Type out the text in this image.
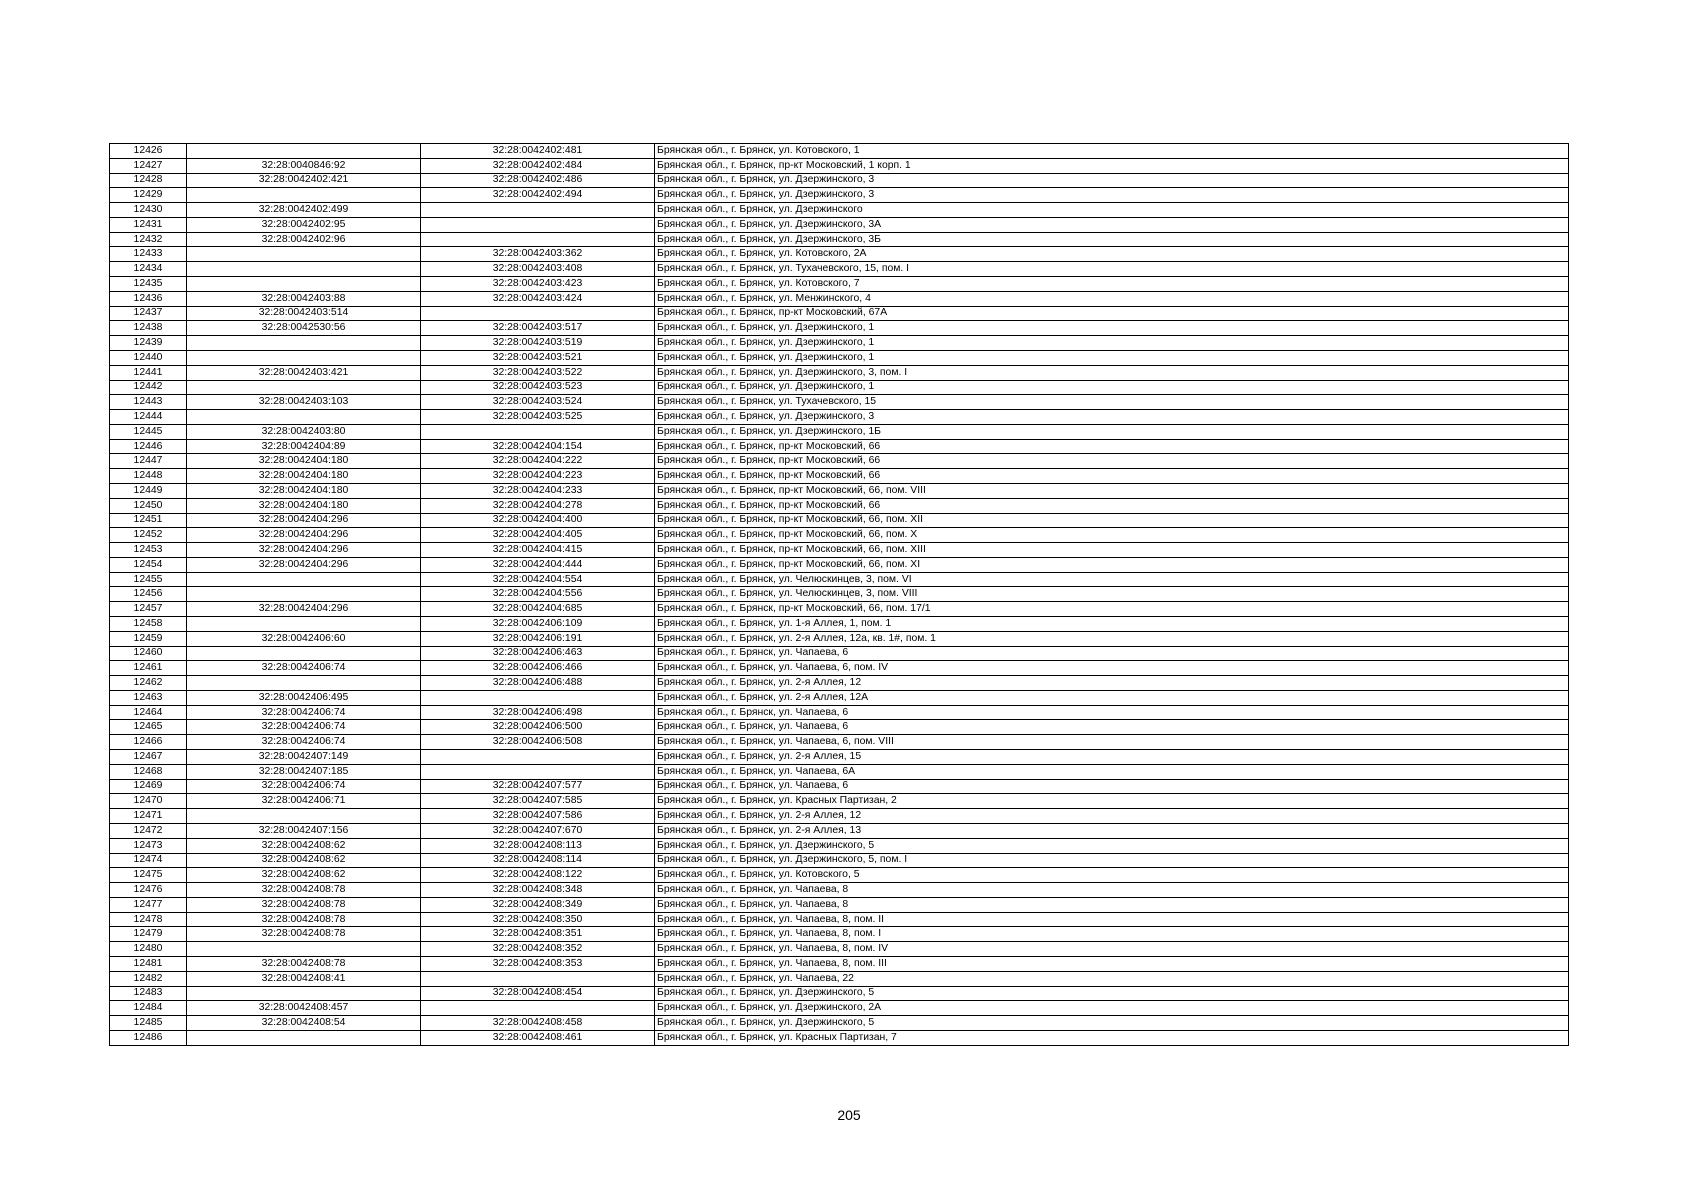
12426		32:28:0042402:481	Брянская обл., г. Брянск, ул. Котовского, 1
12427	32:28:0040846:92	32:28:0042402:484	Брянская обл., г. Брянск, пр-кт Московский, 1 корп. 1
12428	32:28:0042402:421	32:28:0042402:486	Брянская обл., г. Брянск, ул. Дзержинского, 3
12429		32:28:0042402:494	Брянская обл., г. Брянск, ул. Дзержинского, 3
12430	32:28:0042402:499		Брянская обл., г. Брянск, ул. Дзержинского
12431	32:28:0042402:95		Брянская обл., г. Брянск, ул. Дзержинского, 3А
12432	32:28:0042402:96		Брянская обл., г. Брянск, ул. Дзержинского, 3Б
12433		32:28:0042403:362	Брянская обл., г. Брянск, ул. Котовского, 2А
12434		32:28:0042403:408	Брянская обл., г. Брянск, ул. Тухачевского, 15, пом. I
12435		32:28:0042403:423	Брянская обл., г. Брянск, ул. Котовского, 7
12436	32:28:0042403:88	32:28:0042403:424	Брянская обл., г. Брянск, ул. Менжинского, 4
12437	32:28:0042403:514		Брянская обл., г. Брянск, пр-кт Московский, 67А
12438	32:28:0042530:56	32:28:0042403:517	Брянская обл., г. Брянск, ул. Дзержинского, 1
12439		32:28:0042403:519	Брянская обл., г. Брянск, ул. Дзержинского, 1
12440		32:28:0042403:521	Брянская обл., г. Брянск, ул. Дзержинского, 1
12441	32:28:0042403:421	32:28:0042403:522	Брянская обл., г. Брянск, ул. Дзержинского, 3, пом. I
12442		32:28:0042403:523	Брянская обл., г. Брянск, ул. Дзержинского, 1
12443	32:28:0042403:103	32:28:0042403:524	Брянская обл., г. Брянск, ул. Тухачевского, 15
12444		32:28:0042403:525	Брянская обл., г. Брянск, ул. Дзержинского, 3
12445	32:28:0042403:80		Брянская обл., г. Брянск, ул. Дзержинского, 1Б
12446	32:28:0042404:89	32:28:0042404:154	Брянская обл., г. Брянск, пр-кт Московский, 66
12447	32:28:0042404:180	32:28:0042404:222	Брянская обл., г. Брянск, пр-кт Московский, 66
12448	32:28:0042404:180	32:28:0042404:223	Брянская обл., г. Брянск, пр-кт Московский, 66
12449	32:28:0042404:180	32:28:0042404:233	Брянская обл., г. Брянск, пр-кт Московский, 66, пом. VIII
12450	32:28:0042404:180	32:28:0042404:278	Брянская обл., г. Брянск, пр-кт Московский, 66
12451	32:28:0042404:296	32:28:0042404:400	Брянская обл., г. Брянск, пр-кт Московский, 66, пом. XII
12452	32:28:0042404:296	32:28:0042404:405	Брянская обл., г. Брянск, пр-кт Московский, 66, пом. X
12453	32:28:0042404:296	32:28:0042404:415	Брянская обл., г. Брянск, пр-кт Московский, 66, пом. XIII
12454	32:28:0042404:296	32:28:0042404:444	Брянская обл., г. Брянск, пр-кт Московский, 66, пом. XI
12455		32:28:0042404:554	Брянская обл., г. Брянск, ул. Челюскинцев, 3, пом. VI
12456		32:28:0042404:556	Брянская обл., г. Брянск, ул. Челюскинцев, 3, пом. VIII
12457	32:28:0042404:296	32:28:0042404:685	Брянская обл., г. Брянск, пр-кт Московский, 66, пом. 17/1
12458		32:28:0042406:109	Брянская обл., г. Брянск, ул. 1-я Аллея, 1, пом. 1
12459	32:28:0042406:60	32:28:0042406:191	Брянская обл., г. Брянск, ул. 2-я Аллея, 12а, кв. 1#, пом. 1
12460		32:28:0042406:463	Брянская обл., г. Брянск, ул. Чапаева, 6
12461	32:28:0042406:74	32:28:0042406:466	Брянская обл., г. Брянск, ул. Чапаева, 6, пом. IV
12462		32:28:0042406:488	Брянская обл., г. Брянск, ул. 2-я Аллея, 12
12463	32:28:0042406:495		Брянская обл., г. Брянск, ул. 2-я Аллея, 12А
12464	32:28:0042406:74	32:28:0042406:498	Брянская обл., г. Брянск, ул. Чапаева, 6
12465	32:28:0042406:74	32:28:0042406:500	Брянская обл., г. Брянск, ул. Чапаева, 6
12466	32:28:0042406:74	32:28:0042406:508	Брянская обл., г. Брянск, ул. Чапаева, 6, пом. VIII
12467	32:28:0042407:149		Брянская обл., г. Брянск, ул. 2-я Аллея, 15
12468	32:28:0042407:185		Брянская обл., г. Брянск, ул. Чапаева, 6А
12469	32:28:0042406:74	32:28:0042407:577	Брянская обл., г. Брянск, ул. Чапаева, 6
12470	32:28:0042406:71	32:28:0042407:585	Брянская обл., г. Брянск, ул. Красных Партизан, 2
12471		32:28:0042407:586	Брянская обл., г. Брянск, ул. 2-я Аллея, 12
12472	32:28:0042407:156	32:28:0042407:670	Брянская обл., г. Брянск, ул. 2-я Аллея, 13
12473	32:28:0042408:62	32:28:0042408:113	Брянская обл., г. Брянск, ул. Дзержинского, 5
12474	32:28:0042408:62	32:28:0042408:114	Брянская обл., г. Брянск, ул. Дзержинского, 5, пом. I
12475	32:28:0042408:62	32:28:0042408:122	Брянская обл., г. Брянск, ул. Котовского, 5
12476	32:28:0042408:78	32:28:0042408:348	Брянская обл., г. Брянск, ул. Чапаева, 8
12477	32:28:0042408:78	32:28:0042408:349	Брянская обл., г. Брянск, ул. Чапаева, 8
12478	32:28:0042408:78	32:28:0042408:350	Брянская обл., г. Брянск, ул. Чапаева, 8, пом. II
12479	32:28:0042408:78	32:28:0042408:351	Брянская обл., г. Брянск, ул. Чапаева, 8, пом. I
12480		32:28:0042408:352	Брянская обл., г. Брянск, ул. Чапаева, 8, пом. IV
12481	32:28:0042408:78	32:28:0042408:353	Брянская обл., г. Брянск, ул. Чапаева, 8, пом. III
12482	32:28:0042408:41		Брянская обл., г. Брянск, ул. Чапаева, 22
12483		32:28:0042408:454	Брянская обл., г. Брянск, ул. Дзержинского, 5
12484	32:28:0042408:457		Брянская обл., г. Брянск, ул. Дзержинского, 2А
12485	32:28:0042408:54	32:28:0042408:458	Брянская обл., г. Брянск, ул. Дзержинского, 5
12486		32:28:0042408:461	Брянская обл., г. Брянск, ул. Красных Партизан, 7
205
